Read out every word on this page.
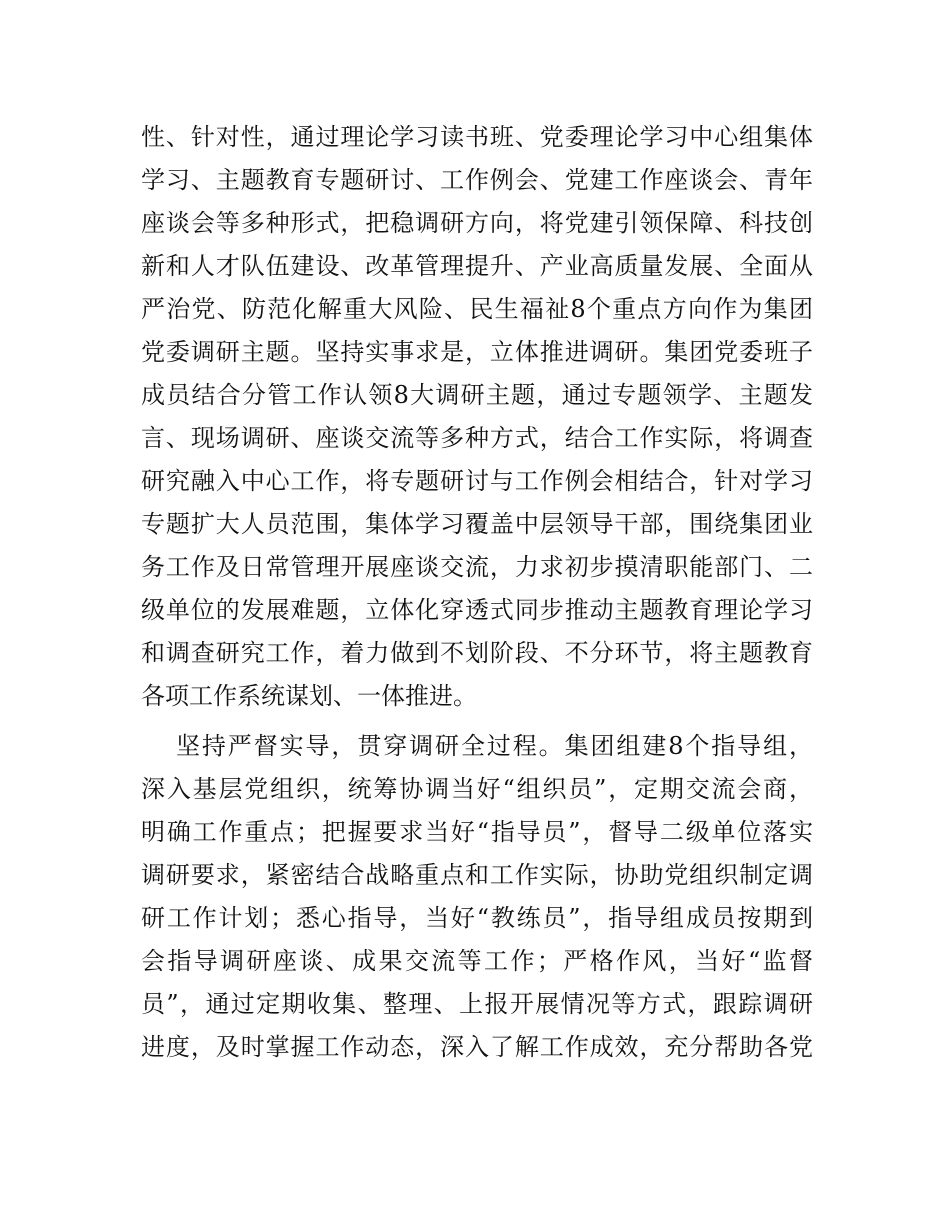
性、针对性，通过理论学习读书班、党委理论学习中心组集体
学习、主题教育专题研讨、工作例会、党建工作座谈会、青年
座谈会等多种形式，把稳调研方向，将党建引领保障、科技创
新和人才队伍建设、改革管理提升、产业高质量发展、全面从
严治党、防范化解重大风险、民生福祉8个重点方向作为集团
党委调研主题。坚持实事求是，立体推进调研。集团党委班子
成员结合分管工作认领8大调研主题，通过专题领学、主题发
言、现场调研、座谈交流等多种方式，结合工作实际，将调查
研究融入中心工作，将专题研讨与工作例会相结合，针对学习
专题扩大人员范围，集体学习覆盖中层领导干部，围绕集团业
务工作及日常管理开展座谈交流，力求初步摸清职能部门、二
级单位的发展难题，立体化穿透式同步推动主题教育理论学习
和调查研究工作，着力做到不划阶段、不分环节，将主题教育
各项工作系统谋划、一体推进。
坚持严督实导，贯穿调研全过程。集团组建8个指导组，
深入基层党组织，统筹协调当好“组织员”，定期交流会商，
明确工作重点；把握要求当好“指导员”，督导二级单位落实
调研要求，紧密结合战略重点和工作实际，协助党组织制定调
研工作计划；悉心指导，当好“教练员”，指导组成员按期到
会指导调研座谈、成果交流等工作；严格作风，当好“监督
员”，通过定期收集、整理、上报开展情况等方式，跟踪调研
进度，及时掌握工作动态，深入了解工作成效，充分帮助各党
